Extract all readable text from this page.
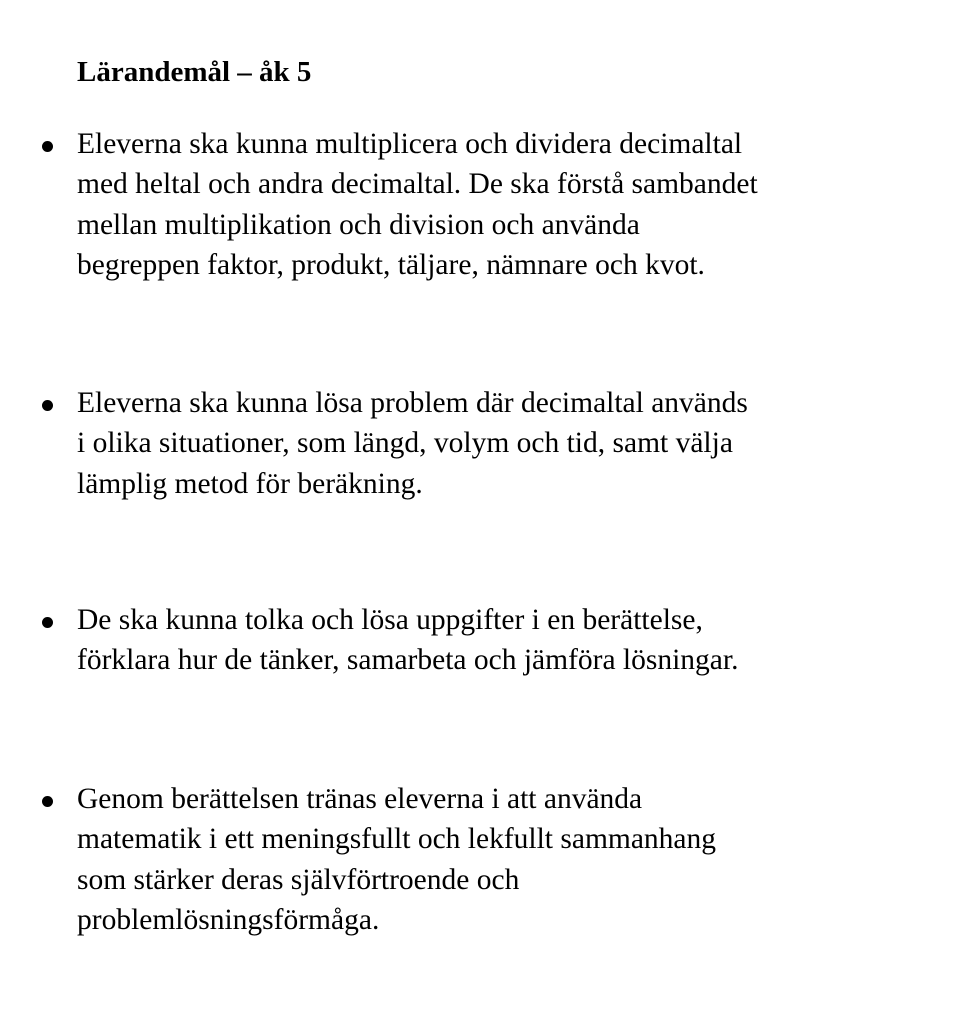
Lärandemål – åk 5

Eleverna ska kunna multiplicera och dividera decimaltal
med heltal och andra decimaltal. De ska förstå sambandet
mellan multiplikation och division och använda
begreppen faktor, produkt, täljare, nämnare och kvot.

Eleverna ska kunna lösa problem där decimaltal används
i olika situationer, som längd, volym och tid, samt välja
lämplig metod för beräkning.

De ska kunna tolka och lösa uppgifter i en berättelse,
förklara hur de tänker, samarbeta och jämföra lösningar.

Genom berättelsen tränas eleverna i att använda
matematik i ett meningsfullt och lekfullt sammanhang
som stärker deras självförtroende och
problemlösningsförmåga.
